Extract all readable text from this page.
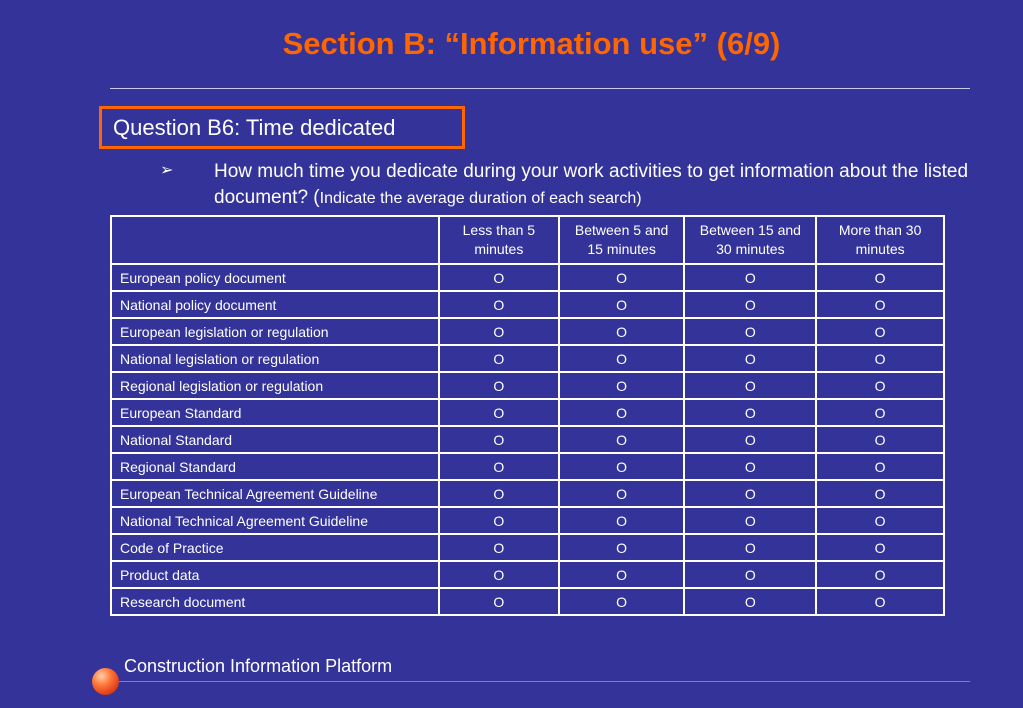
Section B: “Information use” (6/9)
Question B6: Time dedicated
➢ How much time you dedicate during your work activities to get information about the listed document? (Indicate the average duration of each search)
	Less than 5 minutes	Between 5 and 15 minutes	Between 15 and 30 minutes	More than 30 minutes
European policy document	O	O	O	O
National policy document	O	O	O	O
European legislation or regulation	O	O	O	O
National legislation or regulation	O	O	O	O
Regional legislation or regulation	O	O	O	O
European Standard	O	O	O	O
National Standard	O	O	O	O
Regional Standard	O	O	O	O
European Technical Agreement Guideline	O	O	O	O
National Technical Agreement Guideline	O	O	O	O
Code of Practice	O	O	O	O
Product data	O	O	O	O
Research document	O	O	O	O
Construction Information Platform
